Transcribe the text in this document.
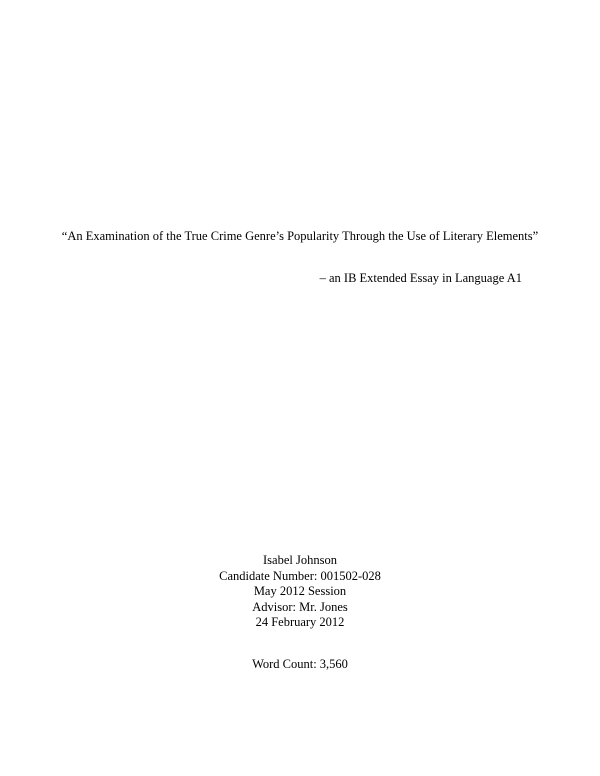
“An Examination of the True Crime Genre’s Popularity Through the Use of Literary Elements”
– an IB Extended Essay in Language A1
Isabel Johnson
Candidate Number: 001502-028
May 2012 Session
Advisor: Mr. Jones
24 February 2012
Word Count: 3,560
